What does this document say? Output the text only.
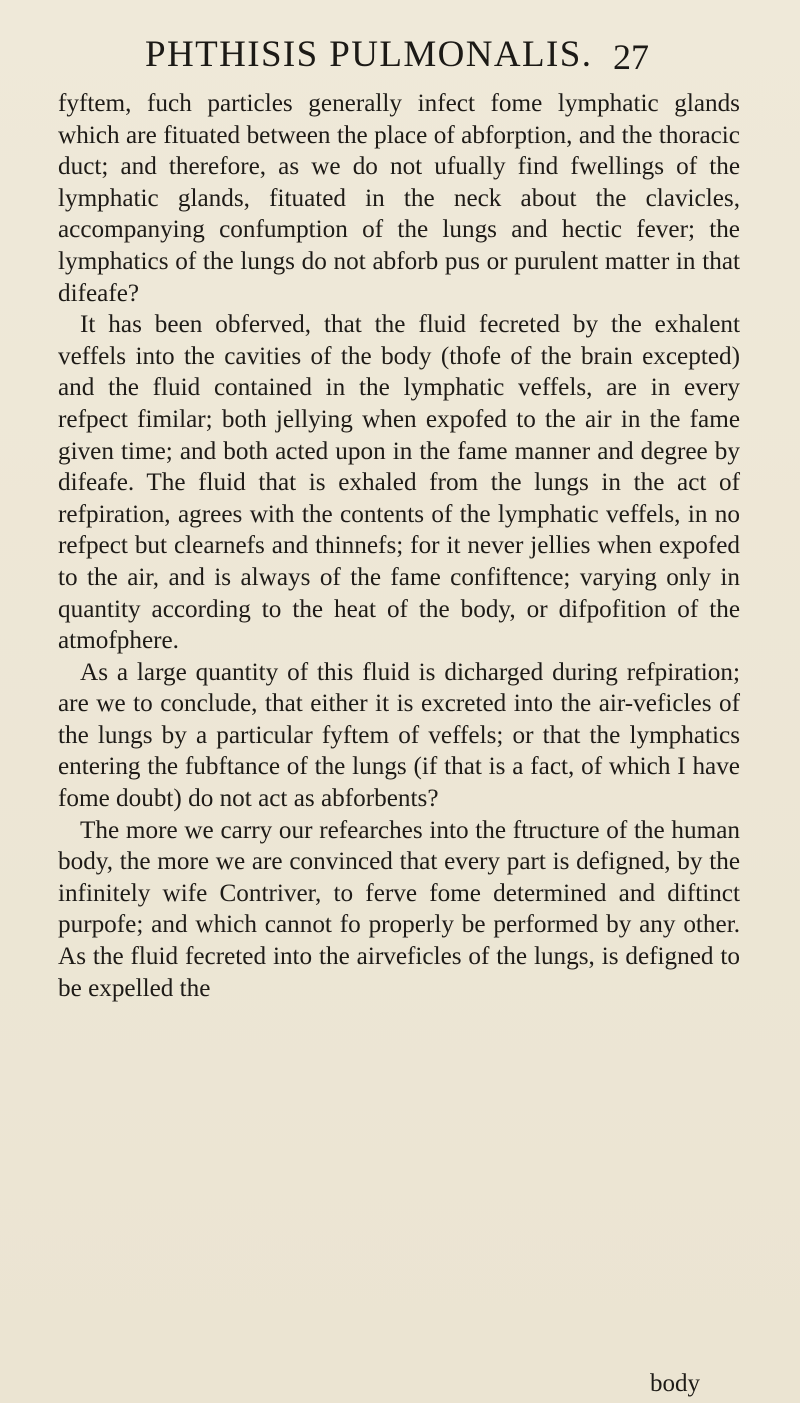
PHTHISIS PULMONALIS. 27

fyftem, fuch particles generally infect fome lymphatic glands which are fituated between the place of abforption, and the thoracic duct; and therefore, as we do not ufually find fwellings of the lymphatic glands, fituated in the neck about the clavicles, accompanying confumption of the lungs and hectic fever; the lymphatics of the lungs do not abforb pus or purulent matter in that difeafe?

It has been obferved, that the fluid fecreted by the exhalent veffels into the cavities of the body (thofe of the brain excepted) and the fluid contained in the lymphatic veffels, are in every refpect fimilar; both jellying when expofed to the air in the fame given time; and both acted upon in the fame manner and degree by difeafe. The fluid that is exhaled from the lungs in the act of refpiration, agrees with the contents of the lymphatic veffels, in no refpect but clearnefs and thinnefs; for it never jellies when expofed to the air, and is always of the fame confiftence; varying only in quantity according to the heat of the body, or difpofition of the atmofphere.

As a large quantity of this fluid is dicharged during refpiration; are we to conclude, that either it is excreted into the air-veficles of the lungs by a particular fyftem of veffels; or that the lymphatics entering the fubftance of the lungs (if that is a fact, of which I have fome doubt) do not act as abforbents?

The more we carry our refearches into the ftructure of the human body, the more we are convinced that every part is defigned, by the infinitely wife Contriver, to ferve fome determined and diftinct purpofe; and which cannot fo properly be performed by any other. As the fluid fecreted into the airveficles of the lungs, is defigned to be expelled the

body
